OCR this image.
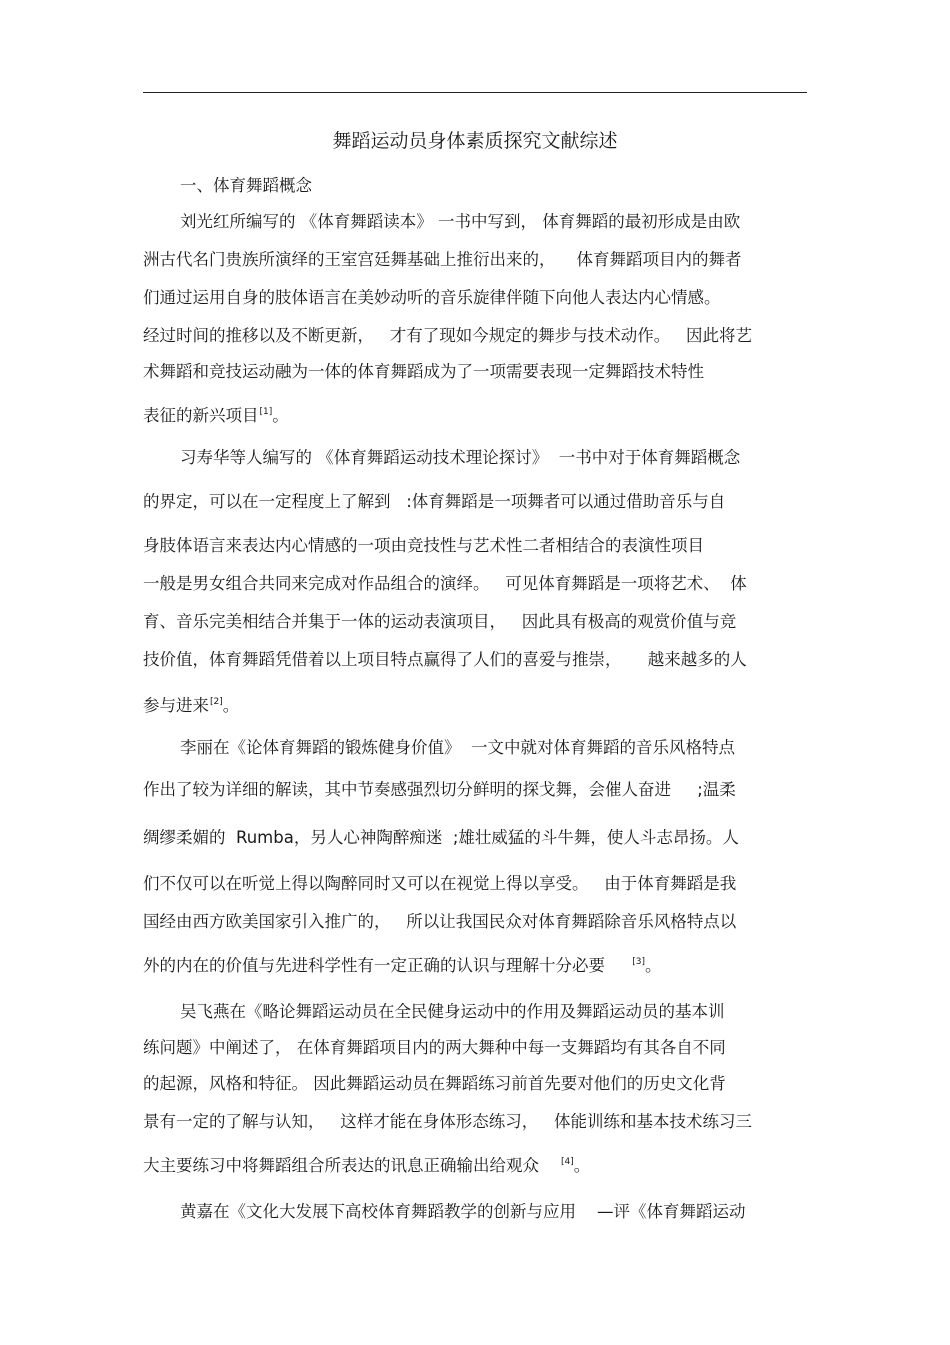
舞蹈运动员身体素质探究文献综述
一、体育舞蹈概念
刘光红所编写的 《体育舞蹈读本》 一书中写到， 体育舞蹈的最初形成是由欧
洲古代名门贵族所演绎的王室宫廷舞基础上推衍出来的，    体育舞蹈项目内的舞者
们通过运用自身的肢体语言在美妙动听的音乐旋律伴随下向他人表达内心情感。
经过时间的推移以及不断更新，   才有了现如今规定的舞步与技术动作。   因此将艺
术舞蹈和竞技运动融为一体的体育舞蹈成为了一项需要表现一定舞蹈技术特性
表征的新兴项目[1]。
习寿华等人编写的 《体育舞蹈运动技术理论探讨》  一书中对于体育舞蹈概念
的界定，可以在一定程度上了解到   :体育舞蹈是一项舞者可以通过借助音乐与自
身肢体语言来表达内心情感的一项由竞技性与艺术性二者相结合的表演性项目
一般是男女组合共同来完成对作品组合的演绎。   可见体育舞蹈是一项将艺术、  体
育、音乐完美相结合并集于一体的运动表演项目，   因此具有极高的观赏价值与竞
技价值，体育舞蹈凭借着以上项目特点赢得了人们的喜爱与推崇，     越来越多的人
参与进来[2]。
李丽在《论体育舞蹈的锻炼健身价值》  一文中就对体育舞蹈的音乐风格特点
作出了较为详细的解读，其中节奏感强烈切分鲜明的探戈舞，会催人奋进     ;温柔
绸缪柔媚的  Rumba，另人心神陶醉痴迷  ;雄壮威猛的斗牛舞，使人斗志昂扬。人
们不仅可以在听觉上得以陶醉同时又可以在视觉上得以享受。   由于体育舞蹈是我
国经由西方欧美国家引入推广的，   所以让我国民众对体育舞蹈除音乐风格特点以
外的内在的价值与先进科学性有一定正确的认识与理解十分必要     [3]。
吴飞燕在《略论舞蹈运动员在全民健身运动中的作用及舞蹈运动员的基本训
练问题》中阐述了， 在体育舞蹈项目内的两大舞种中每一支舞蹈均有其各自不同
的起源，风格和特征。 因此舞蹈运动员在舞蹈练习前首先要对他们的历史文化背
景有一定的了解与认知，   这样才能在身体形态练习，   体能训练和基本技术练习三
大主要练习中将舞蹈组合所表达的讯息正确输出给观众    [4]。
黄嘉在《文化大发展下高校体育舞蹈教学的创新与应用    —评《体育舞蹈运动
